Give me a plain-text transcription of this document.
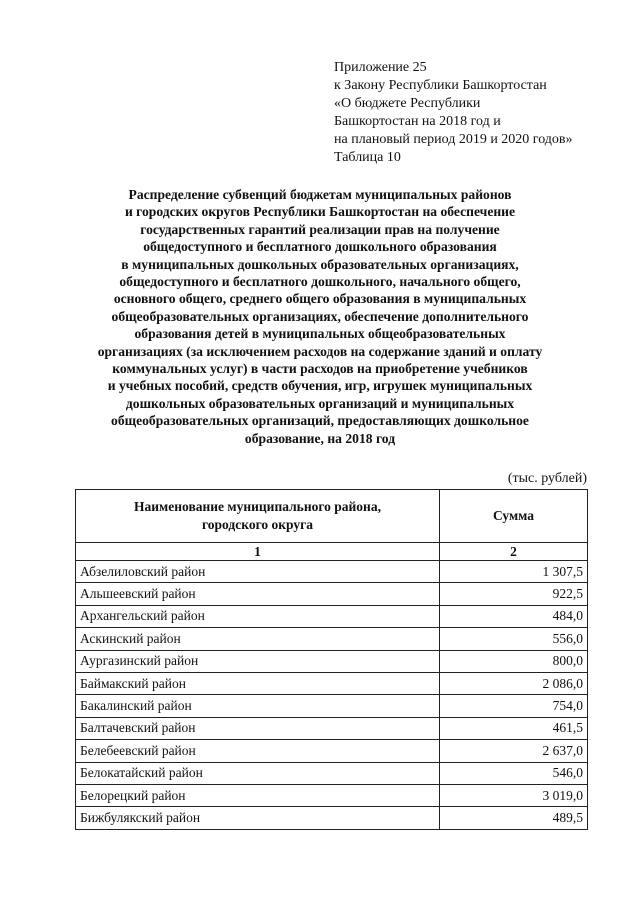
Приложение 25
к Закону Республики Башкортостан
«О бюджете Республики
Башкортостан на 2018 год и
на плановый период 2019 и 2020 годов»
Таблица 10
Распределение субвенций бюджетам муниципальных районов
и городских округов Республики Башкортостан на обеспечение
государственных гарантий реализации прав на получение
общедоступного и бесплатного дошкольного образования
в муниципальных дошкольных образовательных организациях,
общедоступного и бесплатного дошкольного, начального общего,
основного общего, среднего общего образования в муниципальных
общеобразовательных организациях, обеспечение дополнительного
образования детей в муниципальных общеобразовательных
организациях (за исключением расходов на содержание зданий и оплату
коммунальных услуг) в части расходов на приобретение учебников
и учебных пособий, средств обучения, игр, игрушек муниципальных
дошкольных образовательных организаций и муниципальных
общеобразовательных организаций, предоставляющих дошкольное
образование, на 2018 год
(тыс. рублей)
Наименование муниципального района,
городского округа	Сумма
1	2
Абзелиловский район	1 307,5
Альшеевский район	922,5
Архангельский район	484,0
Аскинский район	556,0
Аургазинский район	800,0
Баймакский район	2 086,0
Бакалинский район	754,0
Балтачевский район	461,5
Белебеевский район	2 637,0
Белокатайский район	546,0
Белорецкий район	3 019,0
Бижбулякский район	489,5
